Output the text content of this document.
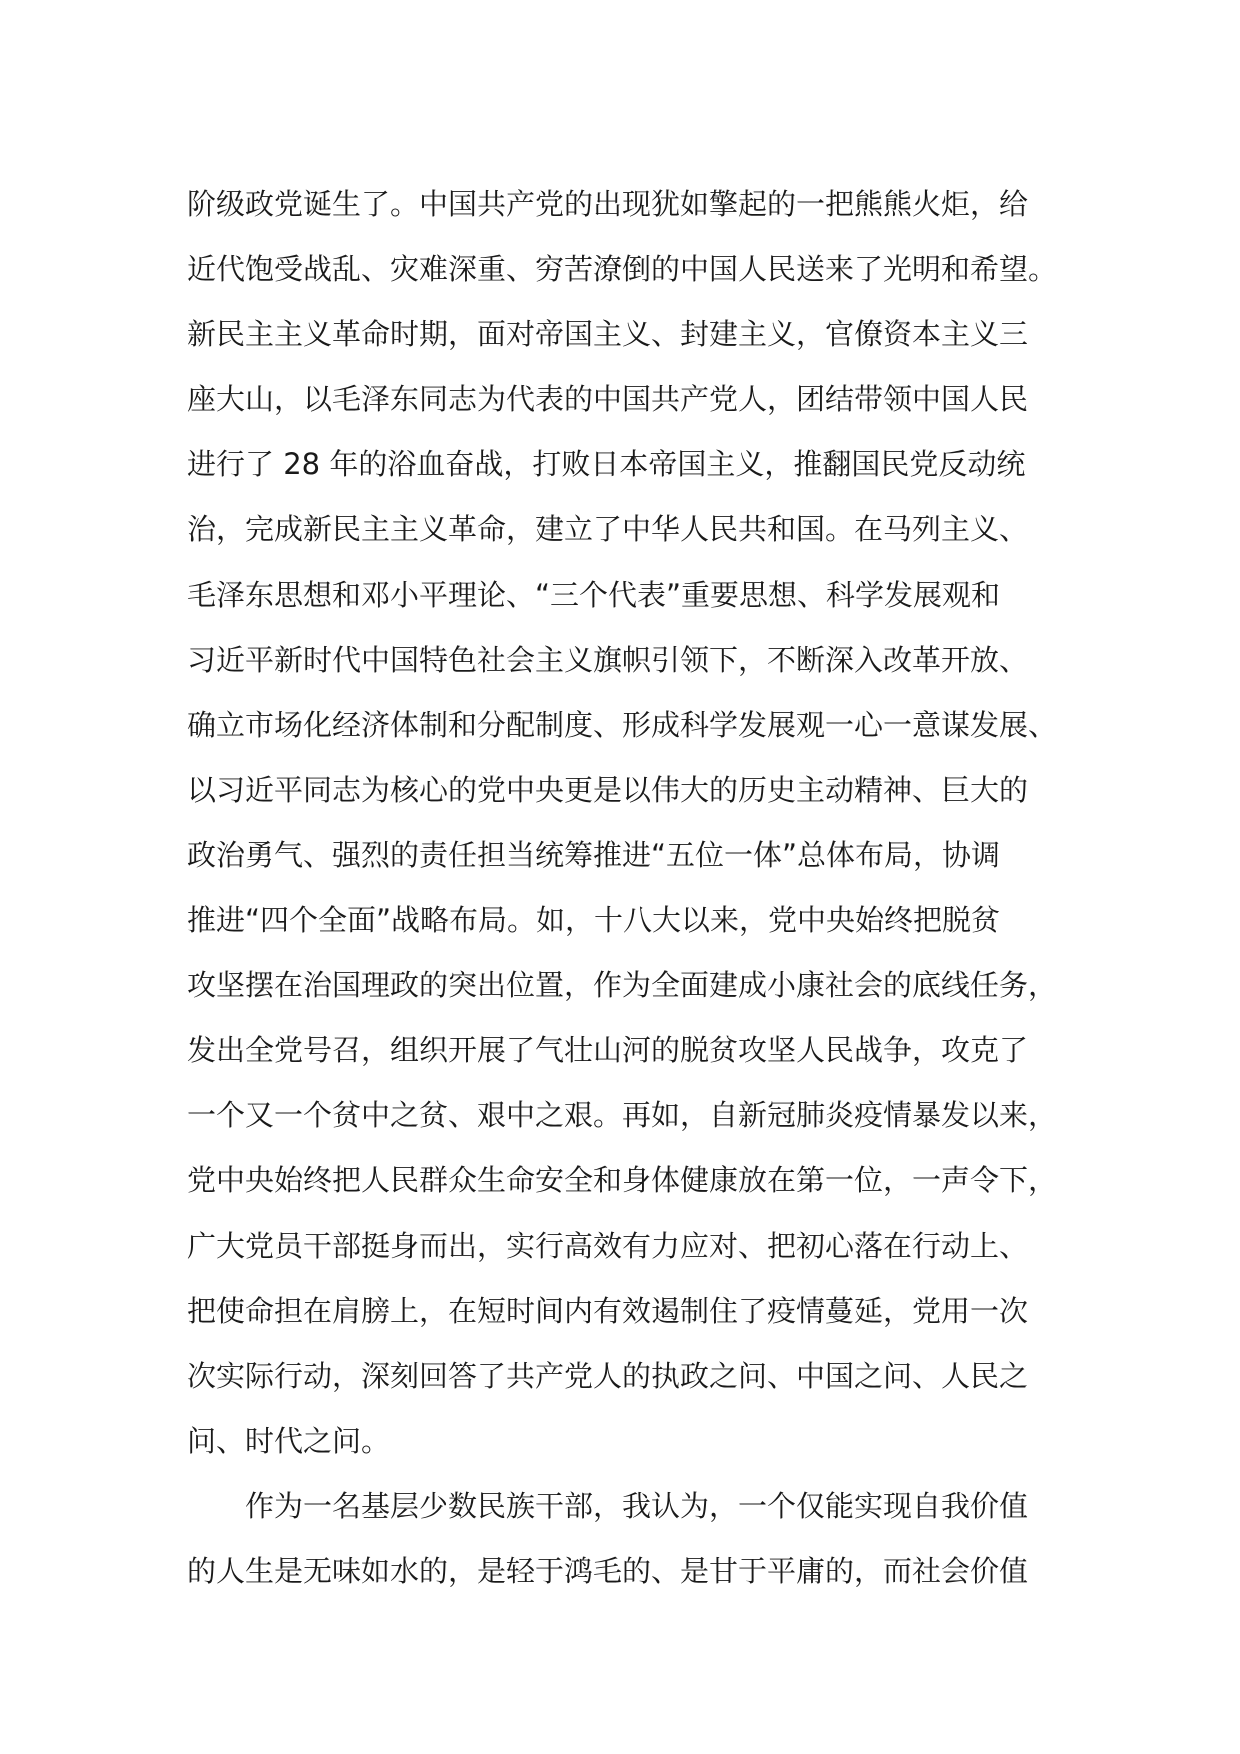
阶级政党诞生了。中国共产党的出现犹如擎起的一把熊熊火炬，给
近代饱受战乱、灾难深重、穷苦潦倒的中国人民送来了光明和希望。
新民主主义革命时期，面对帝国主义、封建主义，官僚资本主义三
座大山，以毛泽东同志为代表的中国共产党人，团结带领中国人民
进行了 28 年的浴血奋战，打败日本帝国主义，推翻国民党反动统
治，完成新民主主义革命，建立了中华人民共和国。在马列主义、
毛泽东思想和邓小平理论、“三个代表”重要思想、科学发展观和
习近平新时代中国特色社会主义旗帜引领下，不断深入改革开放、
确立市场化经济体制和分配制度、形成科学发展观一心一意谋发展、
以习近平同志为核心的党中央更是以伟大的历史主动精神、巨大的
政治勇气、强烈的责任担当统筹推进“五位一体”总体布局，协调
推进“四个全面”战略布局。如，十八大以来，党中央始终把脱贫
攻坚摆在治国理政的突出位置，作为全面建成小康社会的底线任务，
发出全党号召，组织开展了气壮山河的脱贫攻坚人民战争，攻克了
一个又一个贫中之贫、艰中之艰。再如，自新冠肺炎疫情暴发以来，
党中央始终把人民群众生命安全和身体健康放在第一位，一声令下，
广大党员干部挺身而出，实行高效有力应对、把初心落在行动上、
把使命担在肩膀上，在短时间内有效遏制住了疫情蔓延，党用一次
次实际行动，深刻回答了共产党人的执政之问、中国之问、人民之
问、时代之问。
作为一名基层少数民族干部，我认为，一个仅能实现自我价值
的人生是无味如水的，是轻于鸿毛的、是甘于平庸的，而社会价值
